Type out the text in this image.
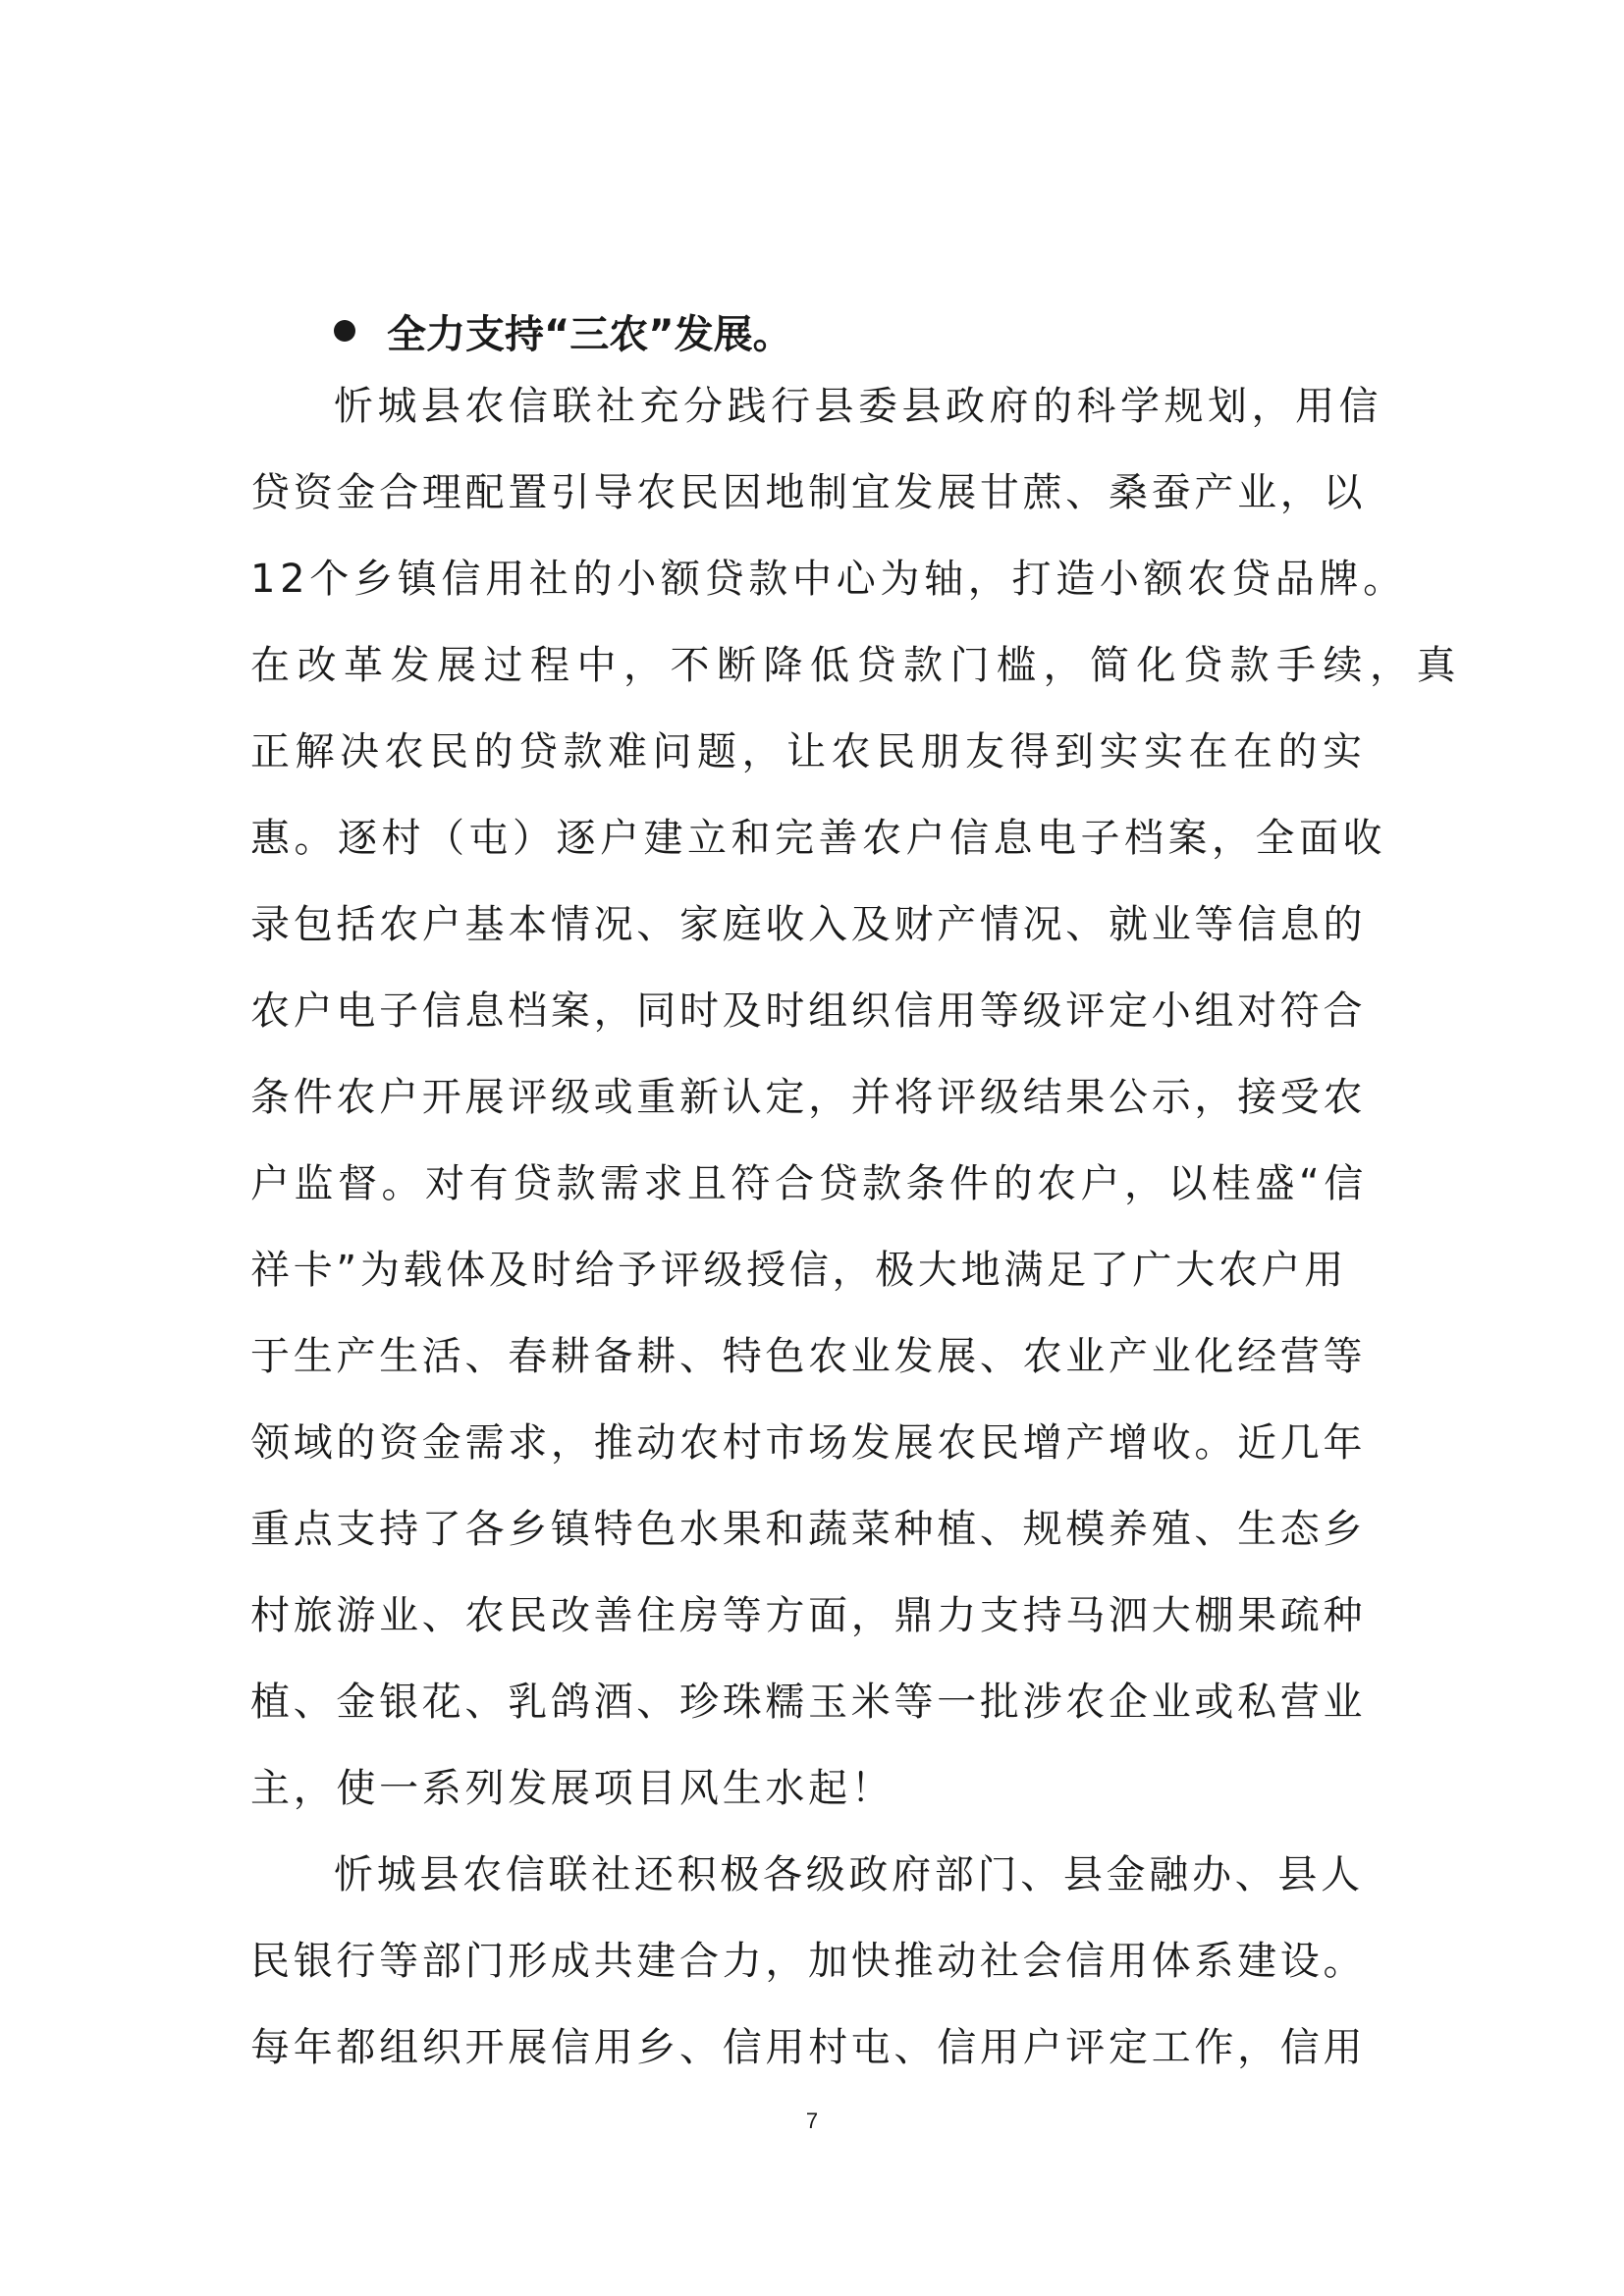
全力支持“三农”发展。
忻城县农信联社充分践行县委县政府的科学规划，用信
贷资金合理配置引导农民因地制宜发展甘蔗、桑蚕产业，以
12个乡镇信用社的小额贷款中心为轴，打造小额农贷品牌。
在改革发展过程中，不断降低贷款门槛，简化贷款手续，真
正解决农民的贷款难问题，让农民朋友得到实实在在的实
惠。逐村（屯）逐户建立和完善农户信息电子档案，全面收
录包括农户基本情况、家庭收入及财产情况、就业等信息的
农户电子信息档案，同时及时组织信用等级评定小组对符合
条件农户开展评级或重新认定，并将评级结果公示，接受农
户监督。对有贷款需求且符合贷款条件的农户，以桂盛“信
祥卡”为载体及时给予评级授信，极大地满足了广大农户用
于生产生活、春耕备耕、特色农业发展、农业产业化经营等
领域的资金需求，推动农村市场发展农民增产增收。近几年
重点支持了各乡镇特色水果和蔬菜种植、规模养殖、生态乡
村旅游业、农民改善住房等方面，鼎力支持马泗大棚果疏种
植、金银花、乳鸽酒、珍珠糯玉米等一批涉农企业或私营业
主，使一系列发展项目风生水起！
忻城县农信联社还积极各级政府部门、县金融办、县人
民银行等部门形成共建合力，加快推动社会信用体系建设。
每年都组织开展信用乡、信用村屯、信用户评定工作，信用
7
